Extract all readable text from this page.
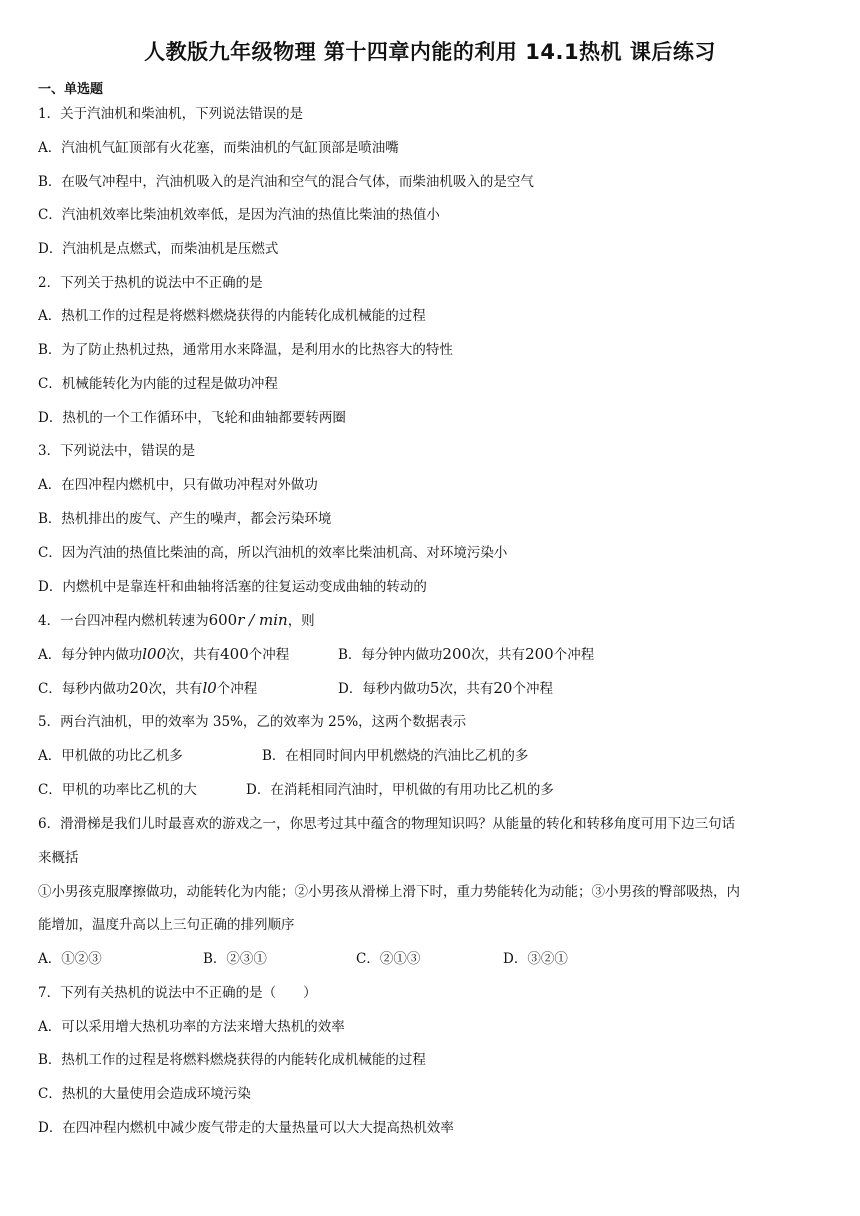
人教版九年级物理 第十四章内能的利用 14.1热机 课后练习
一、单选题
1．关于汽油机和柴油机，下列说法错误的是
A．汽油机气缸顶部有火花塞，而柴油机的气缸顶部是喷油嘴
B．在吸气冲程中，汽油机吸入的是汽油和空气的混合气体，而柴油机吸入的是空气
C．汽油机效率比柴油机效率低，是因为汽油的热值比柴油的热值小
D．汽油机是点燃式，而柴油机是压燃式
2．下列关于热机的说法中不正确的是
A．热机工作的过程是将燃料燃烧获得的内能转化成机械能的过程
B．为了防止热机过热，通常用水来降温，是利用水的比热容大的特性
C．机械能转化为内能的过程是做功冲程
D．热机的一个工作循环中，飞轮和曲轴都要转两圈
3．下列说法中，错误的是
A．在四冲程内燃机中，只有做功冲程对外做功
B．热机排出的废气、产生的噪声，都会污染环境
C．因为汽油的热值比柴油的高，所以汽油机的效率比柴油机高、对环境污染小
D．内燃机中是靠连杆和曲轴将活塞的往复运动变成曲轴的转动的
4．一台四冲程内燃机转速为600r / min，则
A．每分钟内做功l00次，共有400个冲程	B．每分钟内做功200次，共有200个冲程
C．每秒内做功20次，共有l0个冲程	D．每秒内做功5次，共有20个冲程
5．两台汽油机，甲的效率为 35%，乙的效率为 25%，这两个数据表示
A．甲机做的功比乙机多	B．在相同时间内甲机燃烧的汽油比乙机的多
C．甲机的功率比乙机的大	D．在消耗相同汽油时，甲机做的有用功比乙机的多
6．滑滑梯是我们儿时最喜欢的游戏之一，你思考过其中蕴含的物理知识吗？从能量的转化和转移角度可用下边三句话
来概括
①小男孩克服摩擦做功，动能转化为内能；②小男孩从滑梯上滑下时，重力势能转化为动能；③小男孩的臀部吸热，内
能增加，温度升高以上三句正确的排列顺序
A．①②③	B．②③①	C．②①③	D．③②①
7．下列有关热机的说法中不正确的是（　　）
A．可以采用增大热机功率的方法来增大热机的效率
B．热机工作的过程是将燃料燃烧获得的内能转化成机械能的过程
C．热机的大量使用会造成环境污染
D．在四冲程内燃机中减少废气带走的大量热量可以大大提高热机效率
